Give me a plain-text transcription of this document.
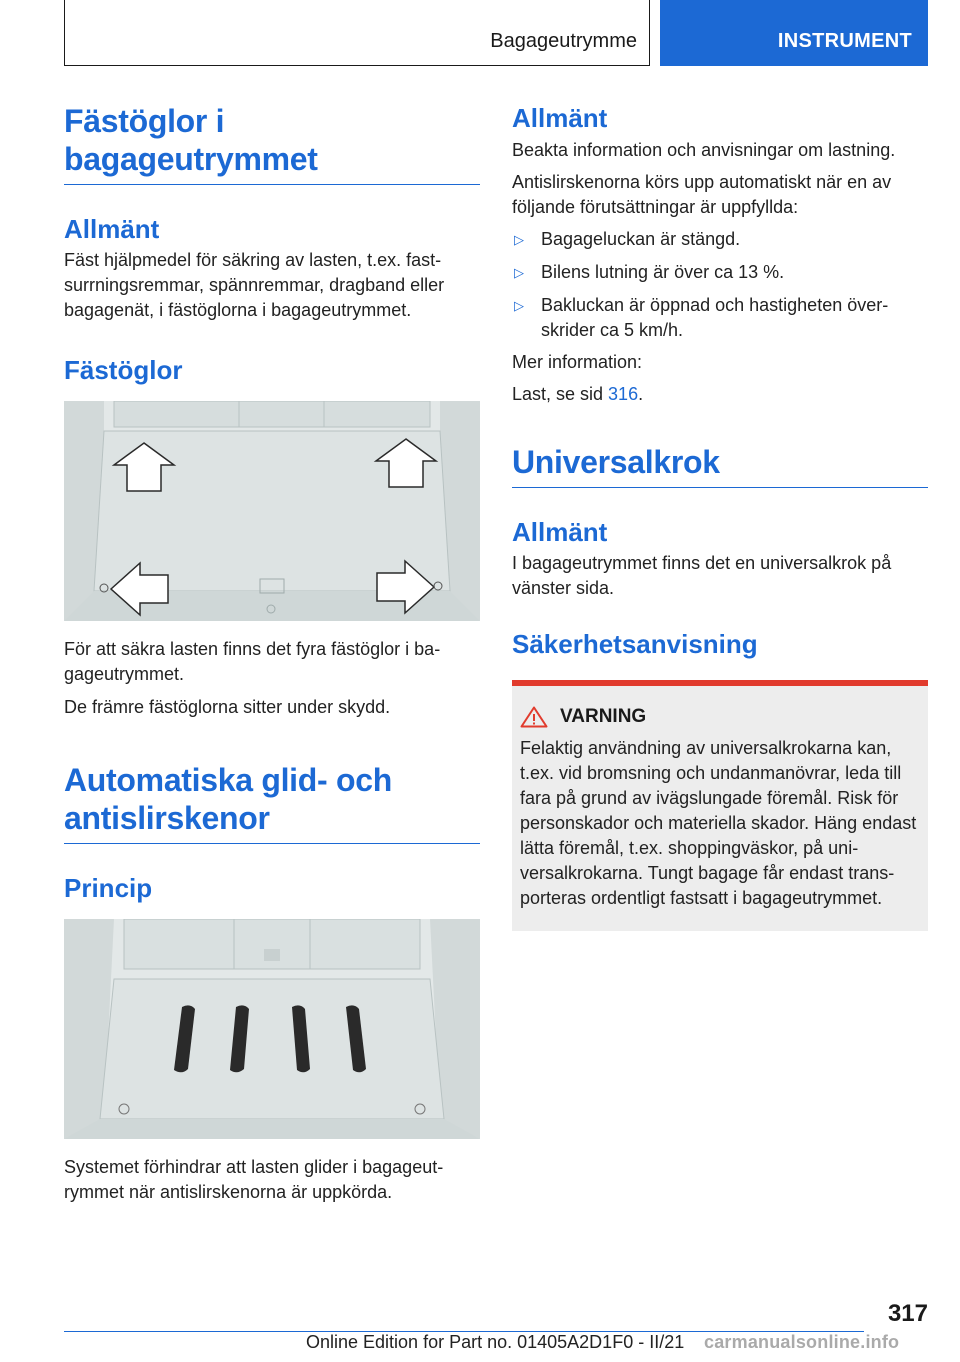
Bagageutrymme	INSTRUMENT
Fästöglor i bagageutrymmet
Allmänt

Fäst hjälpmedel för säkring av lasten, t.ex. fastsurrningsremmar, spännremmar, dragband eller bagagenät, i fästöglorna i bagageutrymmet.

Fästöglor

För att säkra lasten finns det fyra fästöglor i bagageutrymmet.

De främre fästöglorna sitter under skydd.

Automatiska glid- och antislirskenor
Princip

Systemet förhindrar att lasten glider i bagageutrymmet när antislirskenorna är uppkörda.

Allmänt

Beakta information och anvisningar om lastning.

Antislirskenorna körs upp automatiskt när en av följande förutsättningar är uppfyllda:

▷ Bagageluckan är stängd.
▷ Bilens lutning är över ca 13 %.
▷ Bakluckan är öppnad och hastigheten överskrider ca 5 km/h.

Mer information:

Last, se sid 316.

Universalkrok
Allmänt

I bagageutrymmet finns det en universalkrok på vänster sida.

Säkerhetsanvisning
VARNING

Felaktig användning av universalkrokarna kan, t.ex. vid bromsning och undanmanövrar, leda till fara på grund av ivägslungade föremål. Risk för personskador och materiella skador. Häng endast lätta föremål, t.ex. shoppingväskor, på universalkrokarna. Tungt bagage får endast transporteras ordentligt fastsatt i bagageutrymmet.

317
Online Edition for Part no. 01405A2D1F0 - II/21 carmanualsonline.info
